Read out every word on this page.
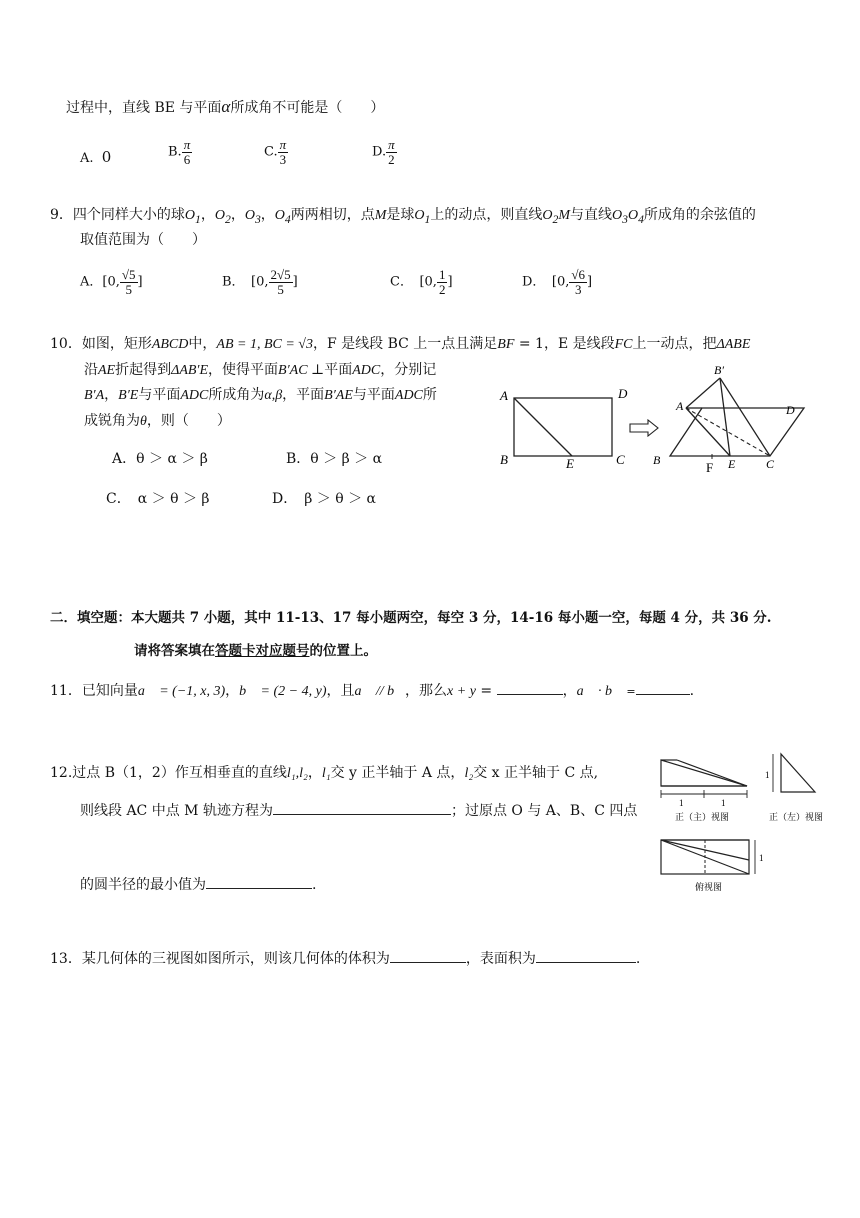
过程中，直线 BE 与平面α所成角不可能是（　　）
A. 0	B. $\frac{\pi}{6}$	C. $\frac{\pi}{3}$	D. $\frac{\pi}{2}$
9．四个同样大小的球$O_1$，$O_2$，$O_3$，$O_4$两两相切，点M是球$O_1$上的动点，则直线$O_2M$与直线$O_3O_4$所成角的余弦值的
取值范围为（　　）
A．[0, $\frac{√5}{5}$ ]	B．　[0, $\frac{2√5}{5}$ ]	C．　[0, $\frac{1}{2}$ ]	D．　[0, $\frac{√6}{3}$ ]
10．如图，矩形ABCD中，AB = 1, BC = √3，F 是线段 BC 上一点且满足BF = 1，E 是线段FC上一动点，把ΔABE
沿AE折起得到ΔAB′E，使得平面B′AC ⊥平面ADC，分别记
B′A，B′E与平面ADC所成角为α,β，平面B′AE与平面ADC所
成锐角为θ，则（　　）
A．θ ＞ α ＞ β	B．θ ＞ β ＞ α
C．　α ＞ θ ＞ β	D．　β ＞ θ ＞ α
A	D
B	E	C
B′
A	D
B	F E	C
二．填空题：本大题共 7 小题，其中 11-13、17 每小题两空，每空 3 分，14-16 每小题一空，每题 4 分，共 36 分.
请将答案填在答题卡对应题号的位置上。
11．已知向量a⃗ = (−1, x, 3)，b⃗ = (2 − 4, y)，且a⃗ // b⃗，那么x + y =	，a⃗ · b⃗ =	.
12.过点 B（1，2）作互相垂直的直线l₁,l₂，l₁交 y 正半轴于 A 点，l₂交 x 正半轴于 C 点,
则线段 AC 中点 M 轨迹方程为	；过原点 O 与 A、B、C 四点
的圆半径的最小值为	.
1	1
正（主）视图
1
正（左）视图
1
俯视图
13．某几何体的三视图如图所示，则该几何体的体积为	，表面积为	.
